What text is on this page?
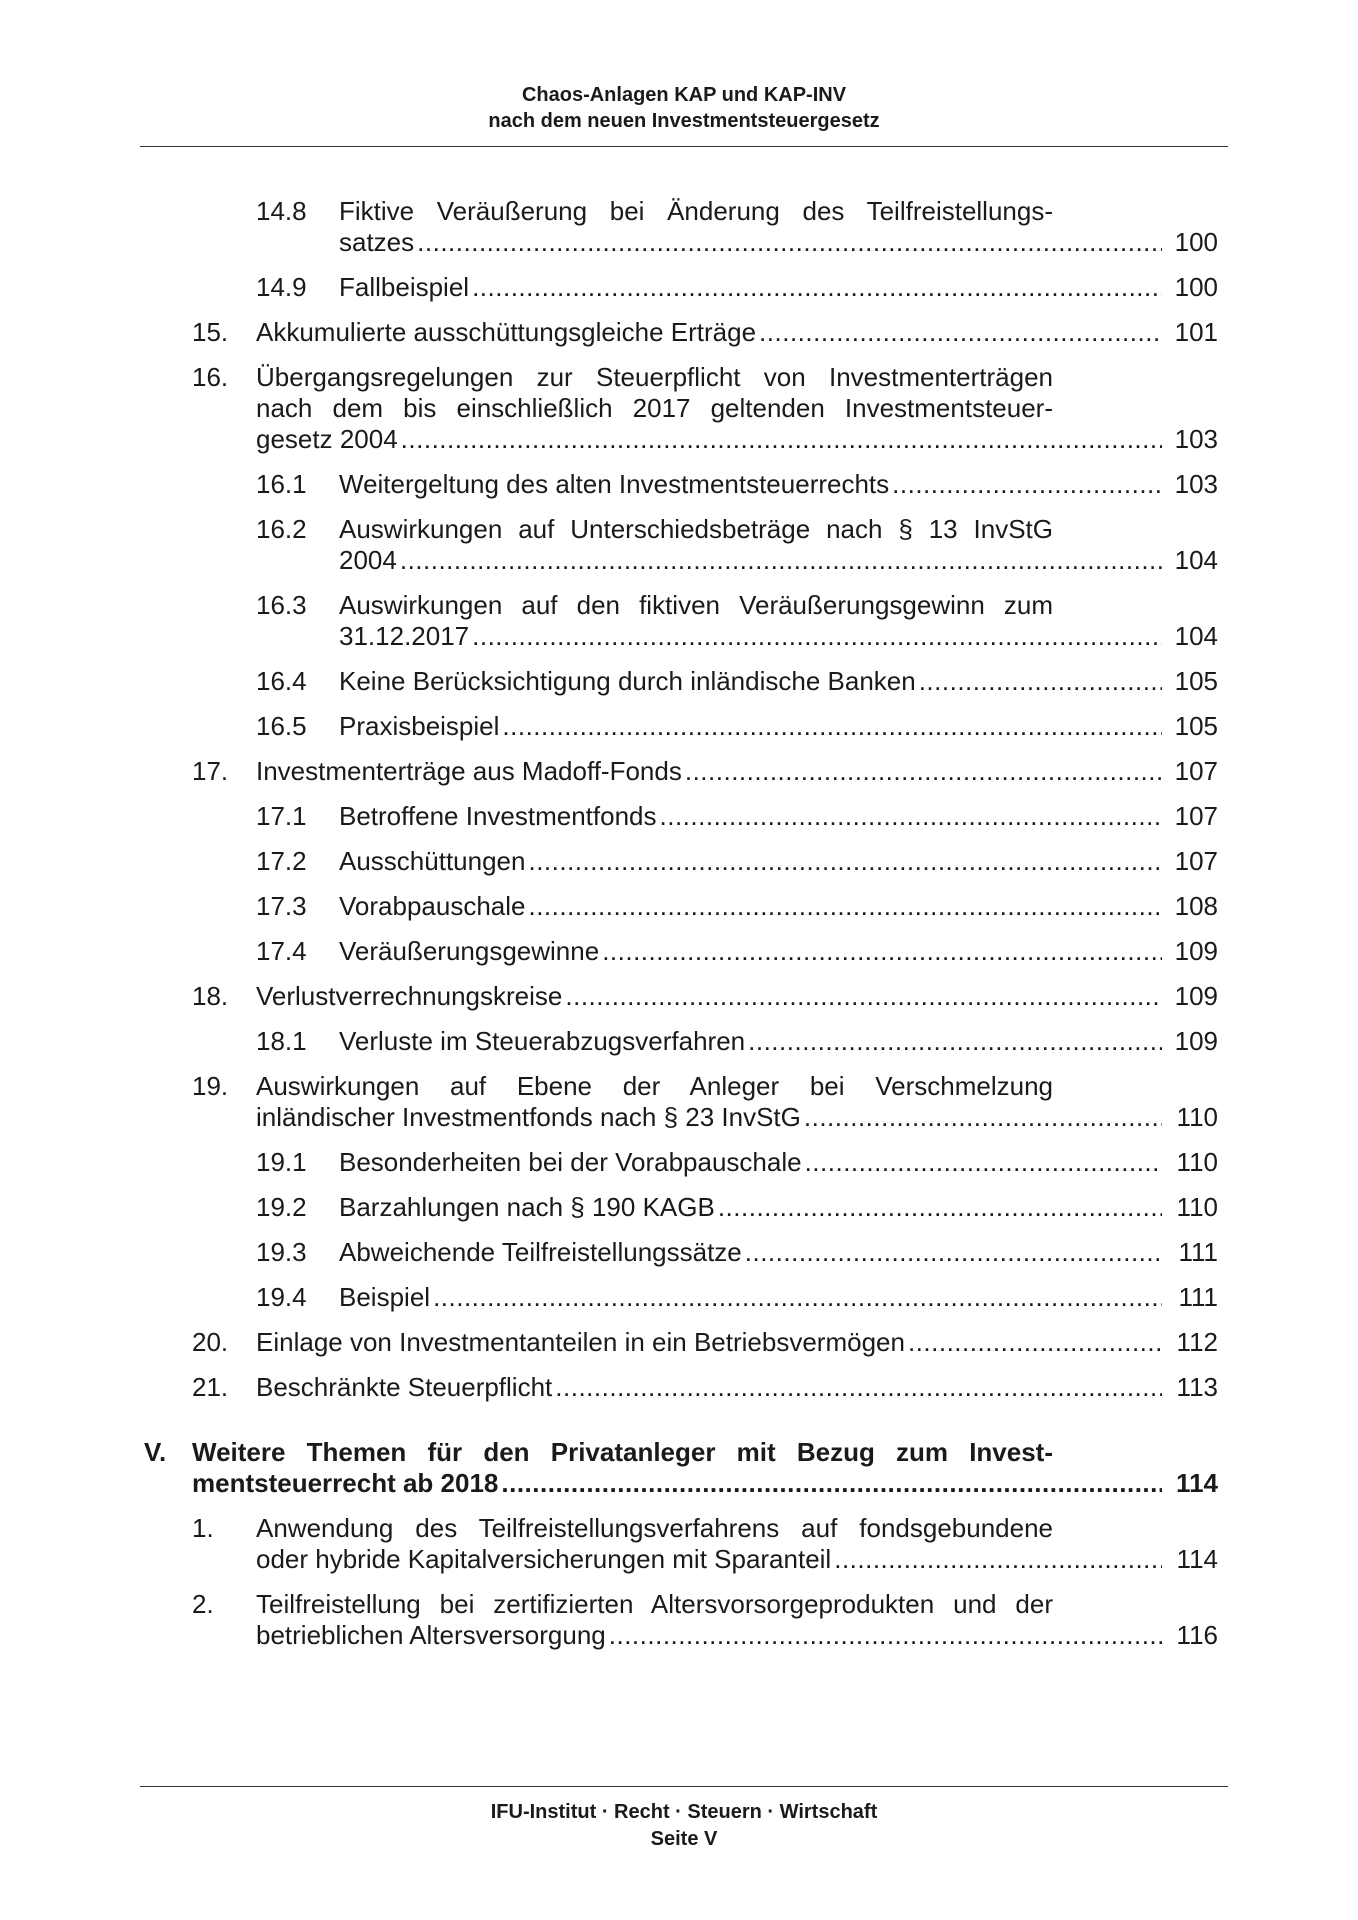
Chaos-Anlagen KAP und KAP-INV
nach dem neuen Investmentsteuergesetz
14.8 Fiktive Veräußerung bei Änderung des Teilfreistellungs-
satzes .....	100
14.9 Fallbeispiel .....	100
15. Akkumulierte ausschüttungsgleiche Erträge .....	101
16. Übergangsregelungen zur Steuerpflicht von Investmenterträgen
nach dem bis einschließlich 2017 geltenden Investmentsteuer-
gesetz 2004 .....	103
16.1 Weitergeltung des alten Investmentsteuerrechts .....	103
16.2 Auswirkungen auf Unterschiedsbeträge nach § 13 InvStG
2004 .....	104
16.3 Auswirkungen auf den fiktiven Veräußerungsgewinn zum
31.12.2017 .....	104
16.4 Keine Berücksichtigung durch inländische Banken .....	105
16.5 Praxisbeispiel .....	105
17. Investmenterträge aus Madoff-Fonds .....	107
17.1 Betroffene Investmentfonds .....	107
17.2 Ausschüttungen .....	107
17.3 Vorabpauschale .....	108
17.4 Veräußerungsgewinne .....	109
18. Verlustverrechnungskreise .....	109
18.1 Verluste im Steuerabzugsverfahren .....	109
19. Auswirkungen auf Ebene der Anleger bei Verschmelzung
inländischer Investmentfonds nach § 23 InvStG .....	110
19.1 Besonderheiten bei der Vorabpauschale .....	110
19.2 Barzahlungen nach § 190 KAGB .....	110
19.3 Abweichende Teilfreistellungssätze .....	111
19.4 Beispiel .....	111
20. Einlage von Investmentanteilen in ein Betriebsvermögen .....	112
21. Beschränkte Steuerpflicht .....	113
V. Weitere Themen für den Privatanleger mit Bezug zum Invest-
mentsteuerrecht ab 2018 .....	114
1. Anwendung des Teilfreistellungsverfahrens auf fondsgebundene
oder hybride Kapitalversicherungen mit Sparanteil .....	114
2. Teilfreistellung bei zertifizierten Altersvorsorgeprodukten und der
betrieblichen Altersversorgung .....	116
IFU-Institut · Recht · Steuern · Wirtschaft
Seite V
